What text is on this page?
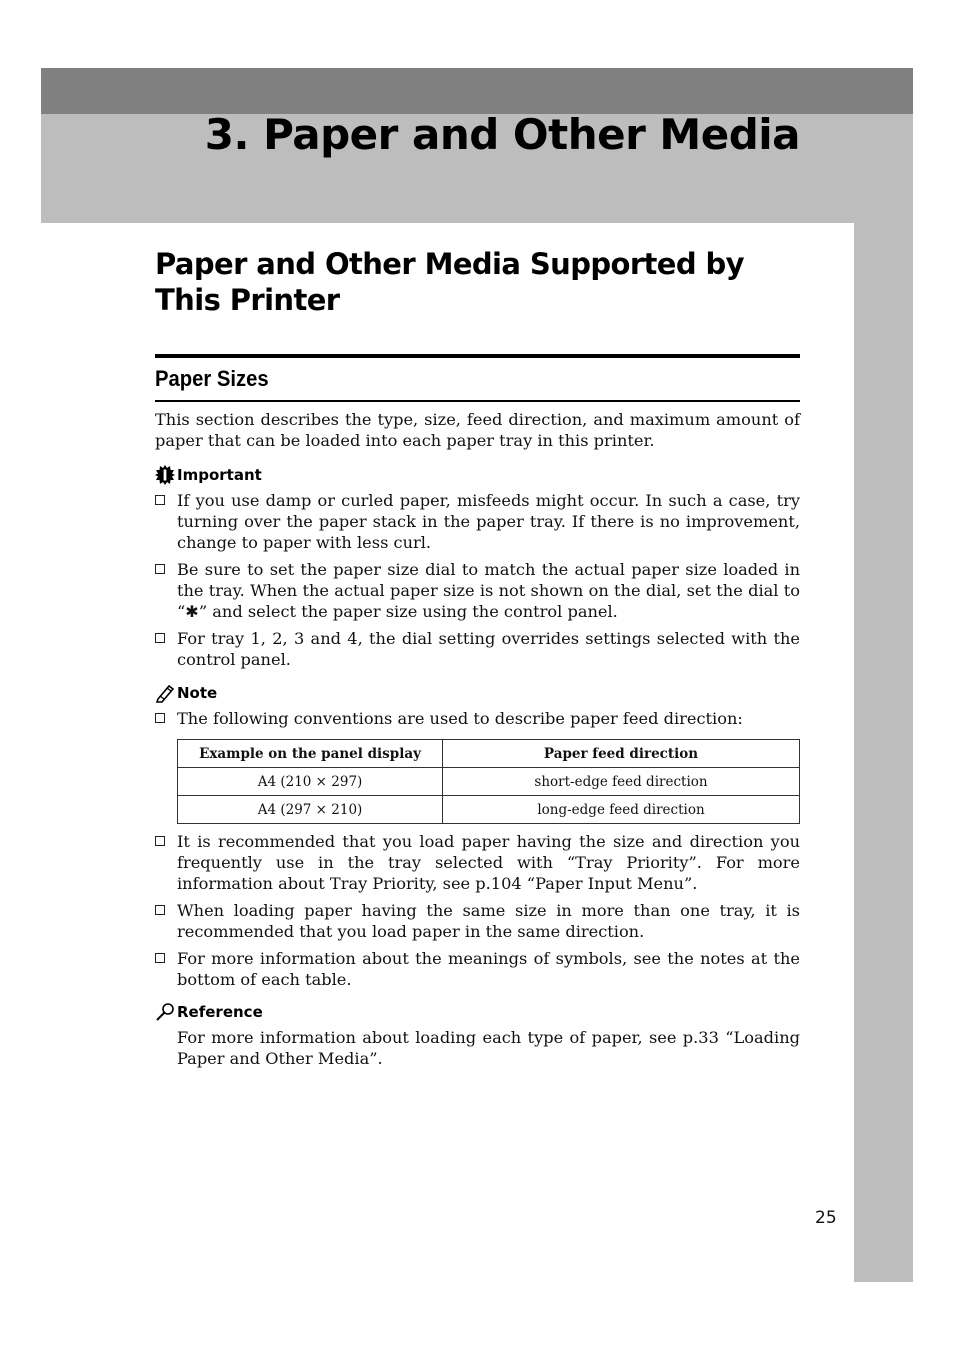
3. Paper and Other Media
Paper and Other Media Supported by This Printer
Paper Sizes

This section describes the type, size, feed direction, and maximum amount of paper that can be loaded into each paper tray in this printer.

Important
If you use damp or curled paper, misfeeds might occur. In such a case, try turning over the paper stack in the paper tray. If there is no improvement, change to paper with less curl.
Be sure to set the paper size dial to match the actual paper size loaded in the tray. When the actual paper size is not shown on the dial, set the dial to “✱” and select the paper size using the control panel.
For tray 1, 2, 3 and 4, the dial setting overrides settings selected with the control panel.
Note
The following conventions are used to describe paper feed direction:
Example on the panel display	Paper feed direction
A4 (210 × 297)	short-edge feed direction
A4 (297 × 210)	long-edge feed direction
It is recommended that you load paper having the size and direction you frequently use in the tray selected with “Tray Priority”. For more information about Tray Priority, see p.104 “Paper Input Menu”.
When loading paper having the same size in more than one tray, it is recommended that you load paper in the same direction.
For more information about the meanings of symbols, see the notes at the bottom of each table.
Reference

For more information about loading each type of paper, see p.33 “Loading Paper and Other Media”.

25
